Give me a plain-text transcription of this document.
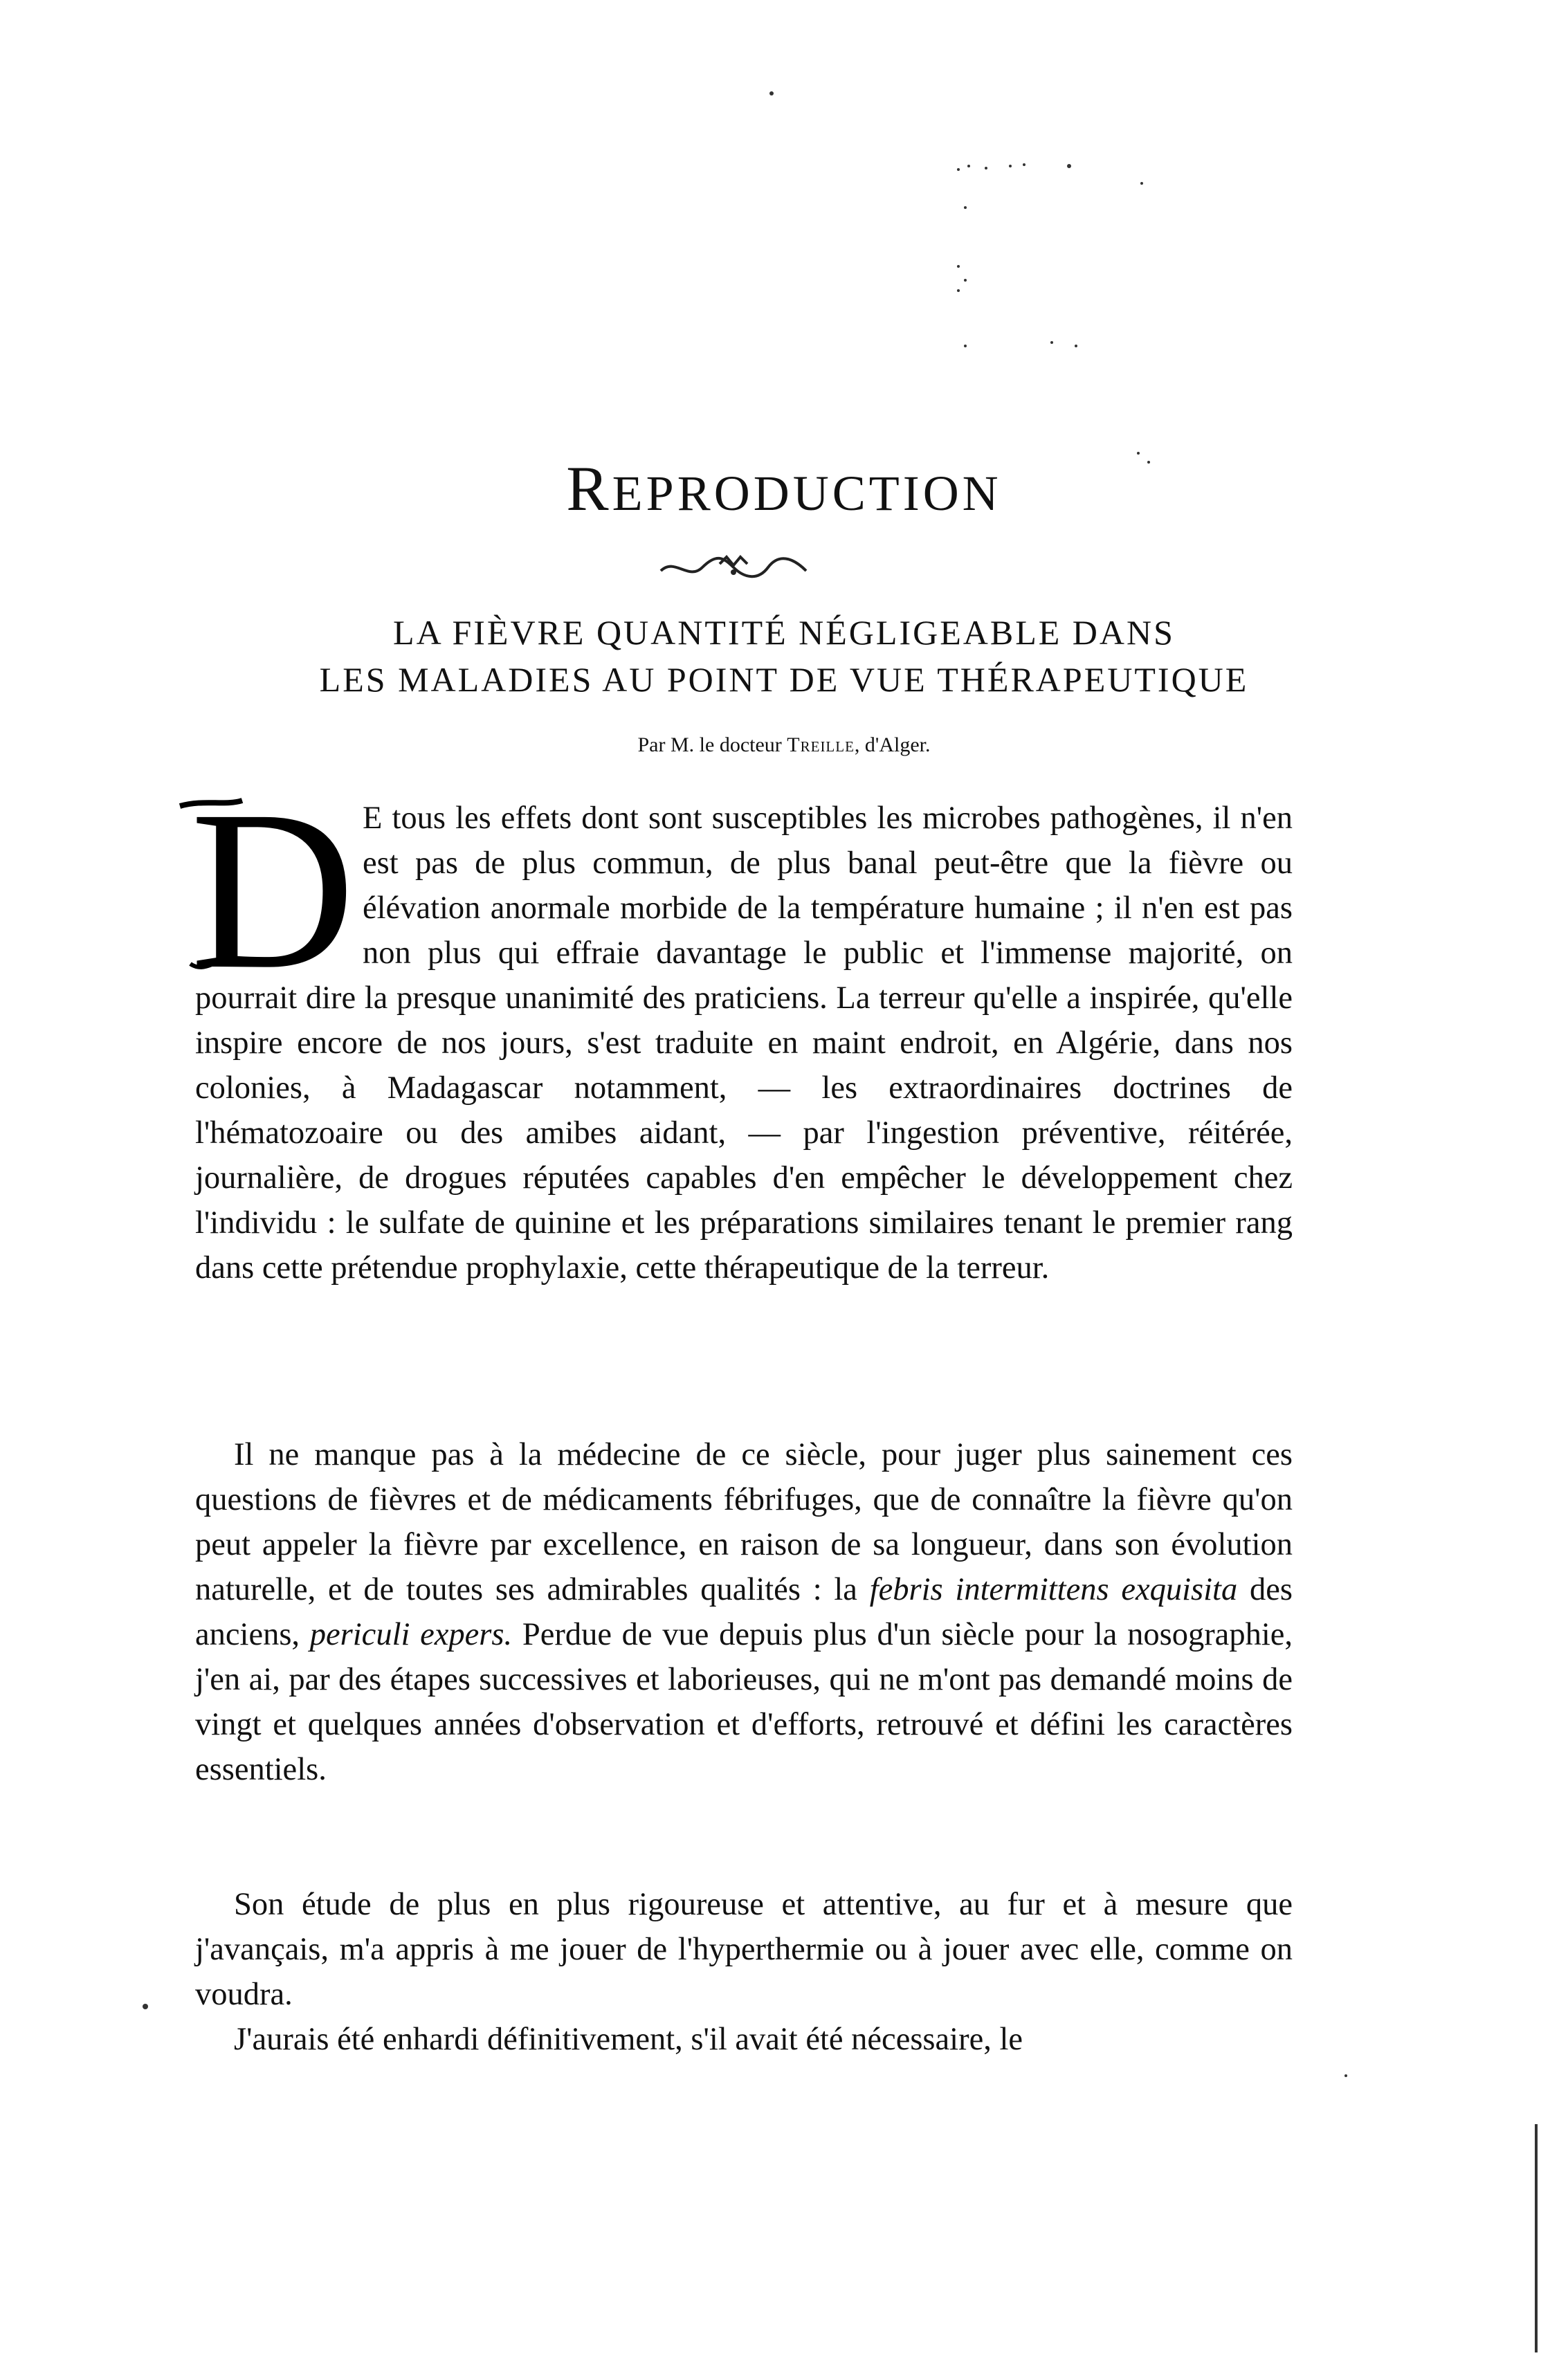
REPRODUCTION
LA FIÈVRE QUANTITÉ NÉGLIGEABLE DANS
LES MALADIES AU POINT DE VUE THÉRAPEUTIQUE
Par M. le docteur Treille, d'Alger.
D E tous les effets dont sont susceptibles les microbes pathogènes, il n'en est pas de plus commun, de plus banal peut-être que la fièvre ou élévation anormale morbide de la température humaine ; il n'en est pas non plus qui effraie davantage le public et l'immense majorité, on pourrait dire la presque unanimité des praticiens. La terreur qu'elle a inspirée, qu'elle inspire encore de nos jours, s'est traduite en maint endroit, en Algérie, dans nos colonies, à Madagascar notamment, — les extraordinaires doctrines de l'hématozoaire ou des amibes aidant, — par l'ingestion préventive, réitérée, journalière, de drogues réputées capables d'en empêcher le développement chez l'individu : le sulfate de quinine et les préparations similaires tenant le premier rang dans cette prétendue prophylaxie, cette thérapeutique de la terreur.
Il ne manque pas à la médecine de ce siècle, pour juger plus sainement ces questions de fièvres et de médicaments fébrifuges, que de connaître la fièvre qu'on peut appeler la fièvre par excellence, en raison de sa longueur, dans son évolution naturelle, et de toutes ses admirables qualités : la febris intermittens exquisita des anciens, periculi expers. Perdue de vue depuis plus d'un siècle pour la nosographie, j'en ai, par des étapes successives et laborieuses, qui ne m'ont pas demandé moins de vingt et quelques années d'observation et d'efforts, retrouvé et défini les caractères essentiels.
Son étude de plus en plus rigoureuse et attentive, au fur et à mesure que j'avançais, m'a appris à me jouer de l'hyperthermie ou à jouer avec elle, comme on voudra.
J'aurais été enhardi définitivement, s'il avait été nécessaire, le
